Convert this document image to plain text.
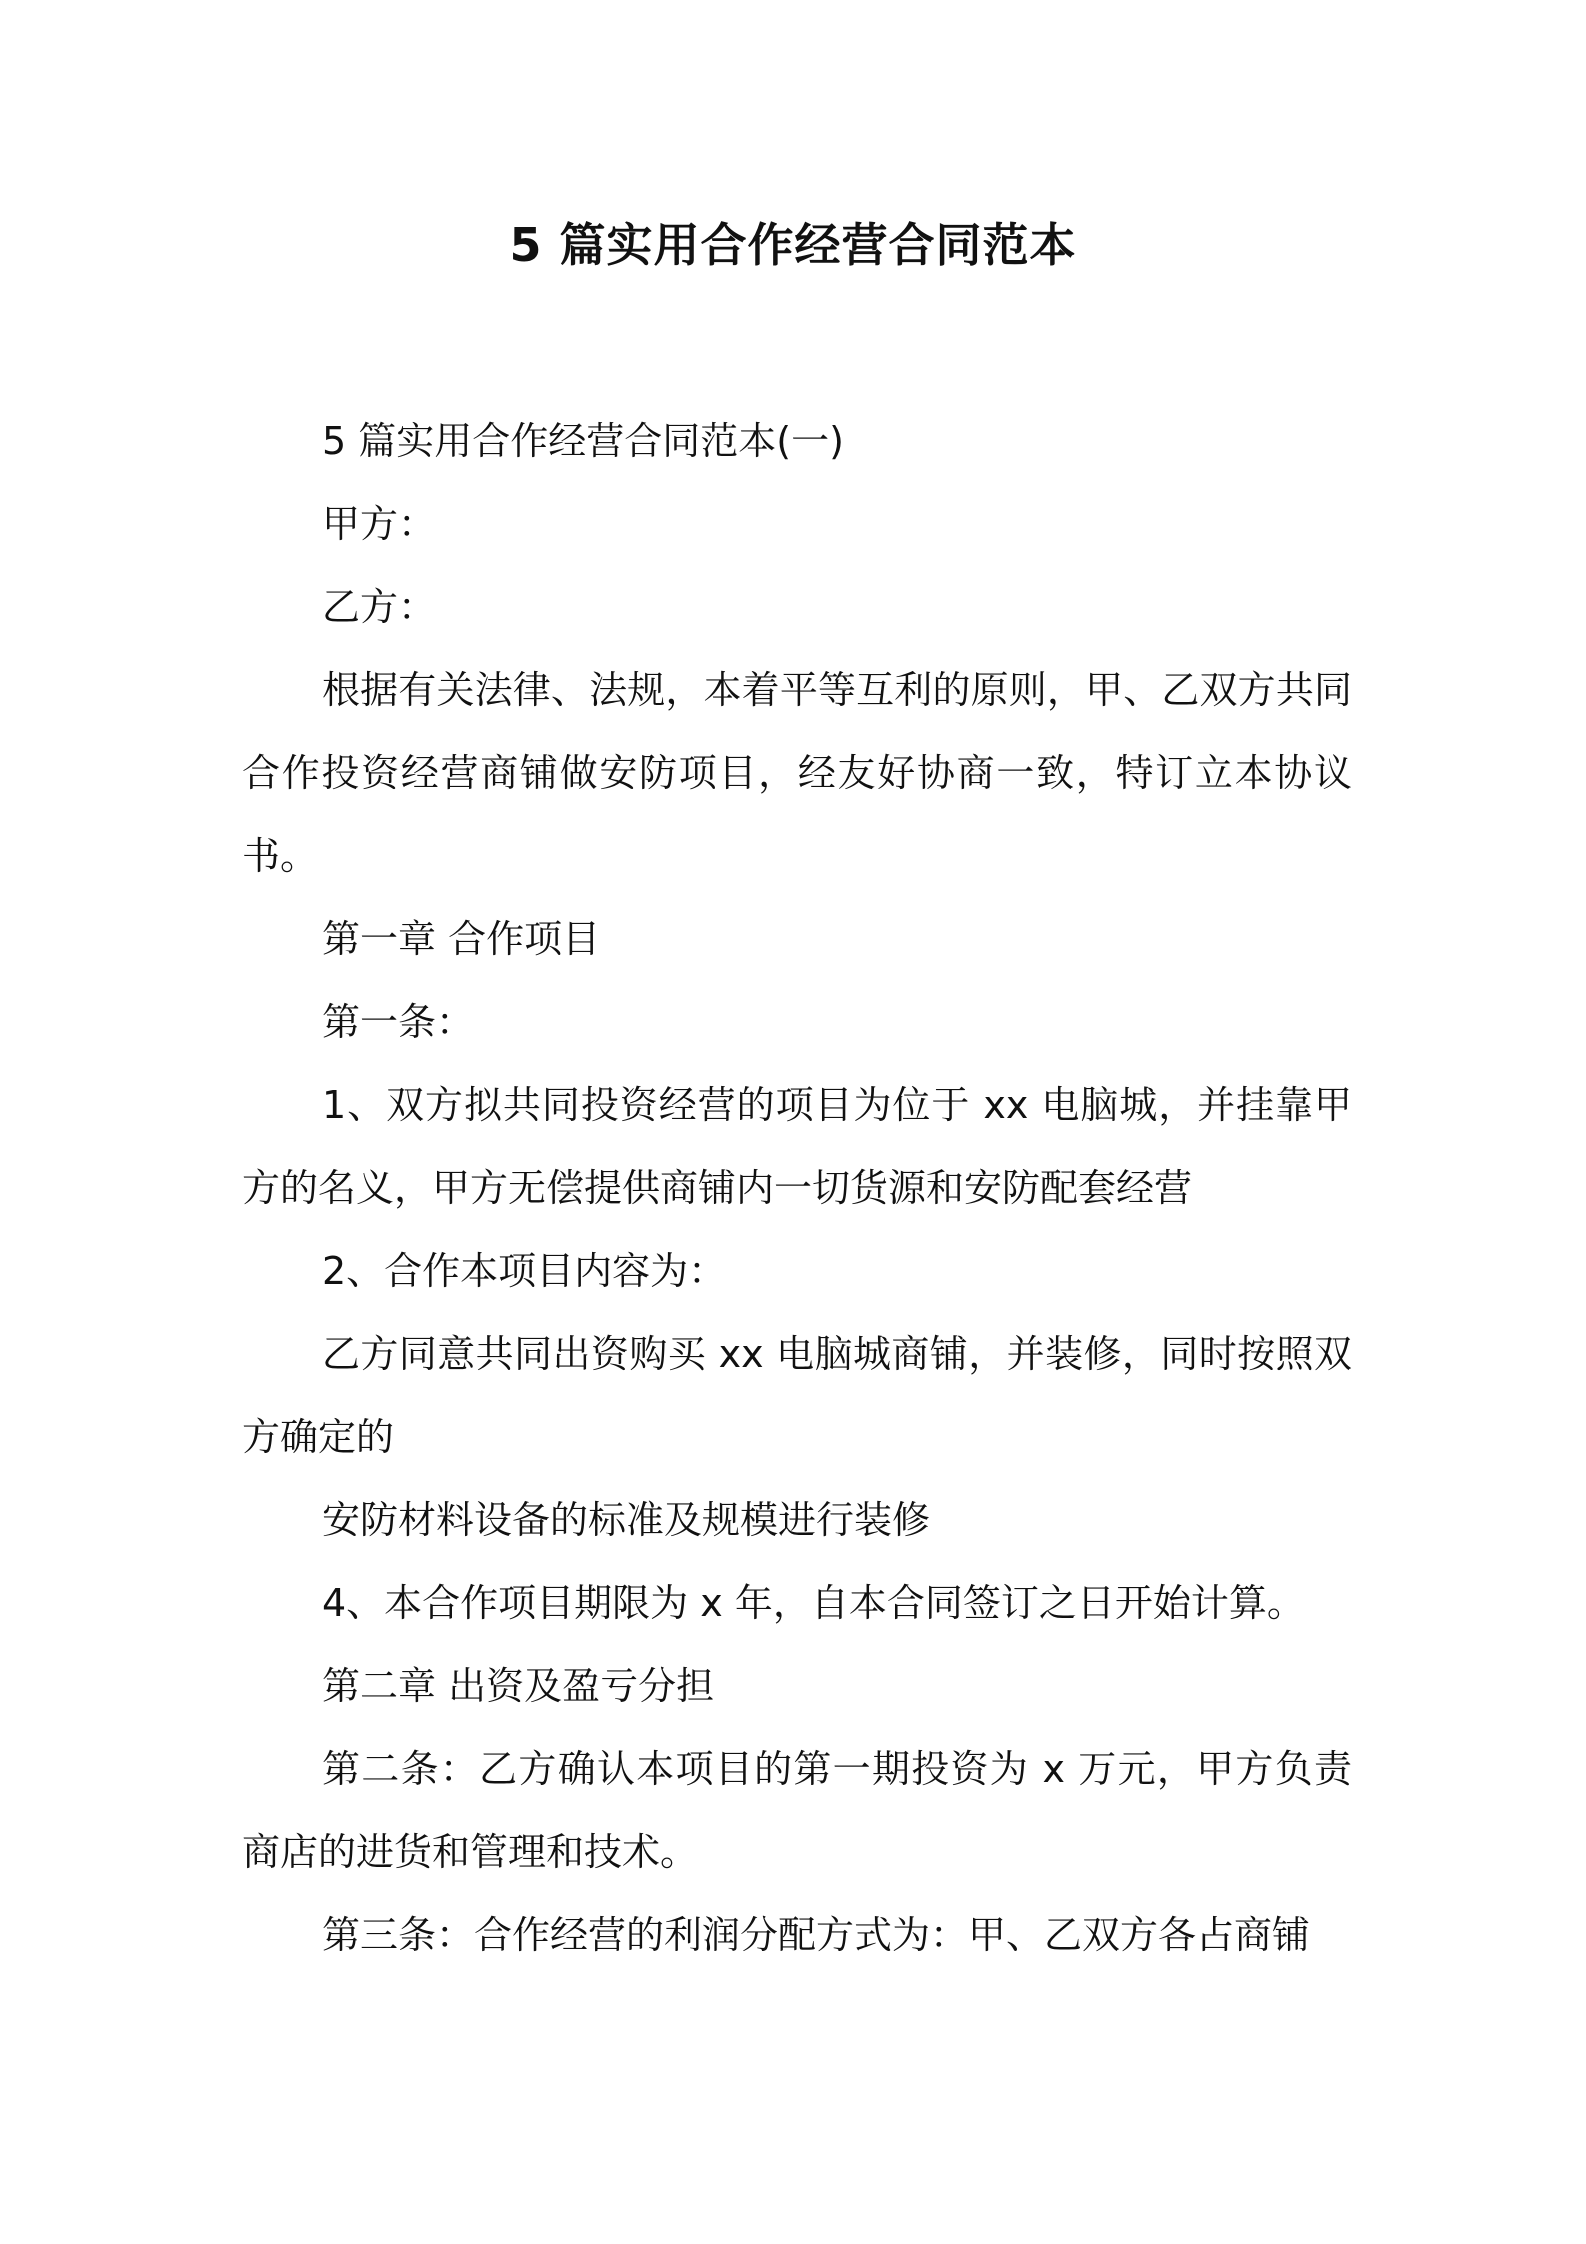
5 篇实用合作经营合同范本

5 篇实用合作经营合同范本(一)

甲方：

乙方：

根据有关法律、法规，本着平等互利的原则，甲、乙双方共同合作投资经营商铺做安防项目，经友好协商一致，特订立本协议书。

第一章 合作项目

第一条：

1、双方拟共同投资经营的项目为位于 xx 电脑城，并挂靠甲方的名义，甲方无偿提供商铺内一切货源和安防配套经营

2、合作本项目内容为：

乙方同意共同出资购买 xx 电脑城商铺，并装修，同时按照双方确定的

安防材料设备的标准及规模进行装修

4、本合作项目期限为 x 年，自本合同签订之日开始计算。

第二章 出资及盈亏分担

第二条：乙方确认本项目的第一期投资为 x 万元，甲方负责商店的进货和管理和技术。

第三条：合作经营的利润分配方式为：甲、乙双方各占商铺
